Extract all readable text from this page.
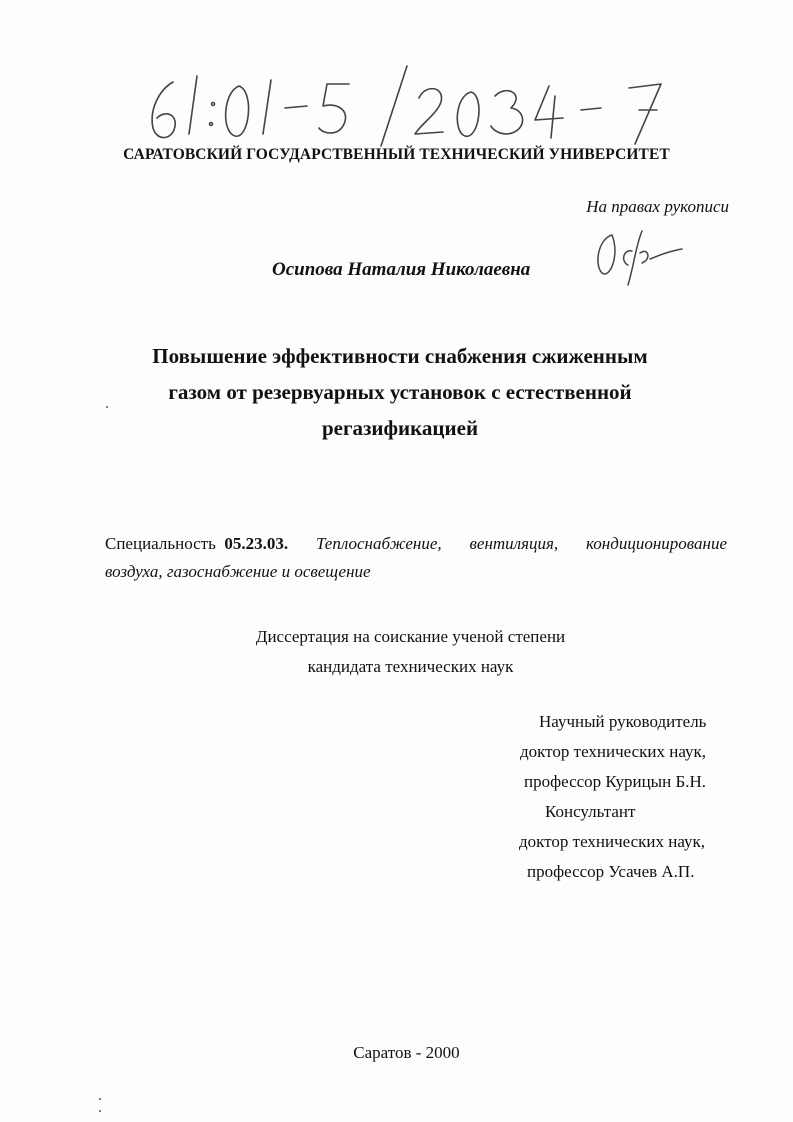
САРАТОВСКИЙ ГОСУДАРСТВЕННЫЙ ТЕХНИЧЕСКИЙ УНИВЕРСИТЕТ
На правах рукописи
Осипова Наталия Николаевна
Повышение эффективности снабжения сжиженным
газом от резервуарных установок с естественной
регазификацией
Специальность 05.23.03. Теплоснабжение, вентиляция, кондиционирование
воздуха, газоснабжение и освещение
Диссертация на соискание ученой степени
кандидата технических наук
Научный руководитель
доктор технических наук,
профессор Курицын Б.Н.
Консультант
доктор технических наук,
профессор Усачев А.П.
Саратов - 2000
